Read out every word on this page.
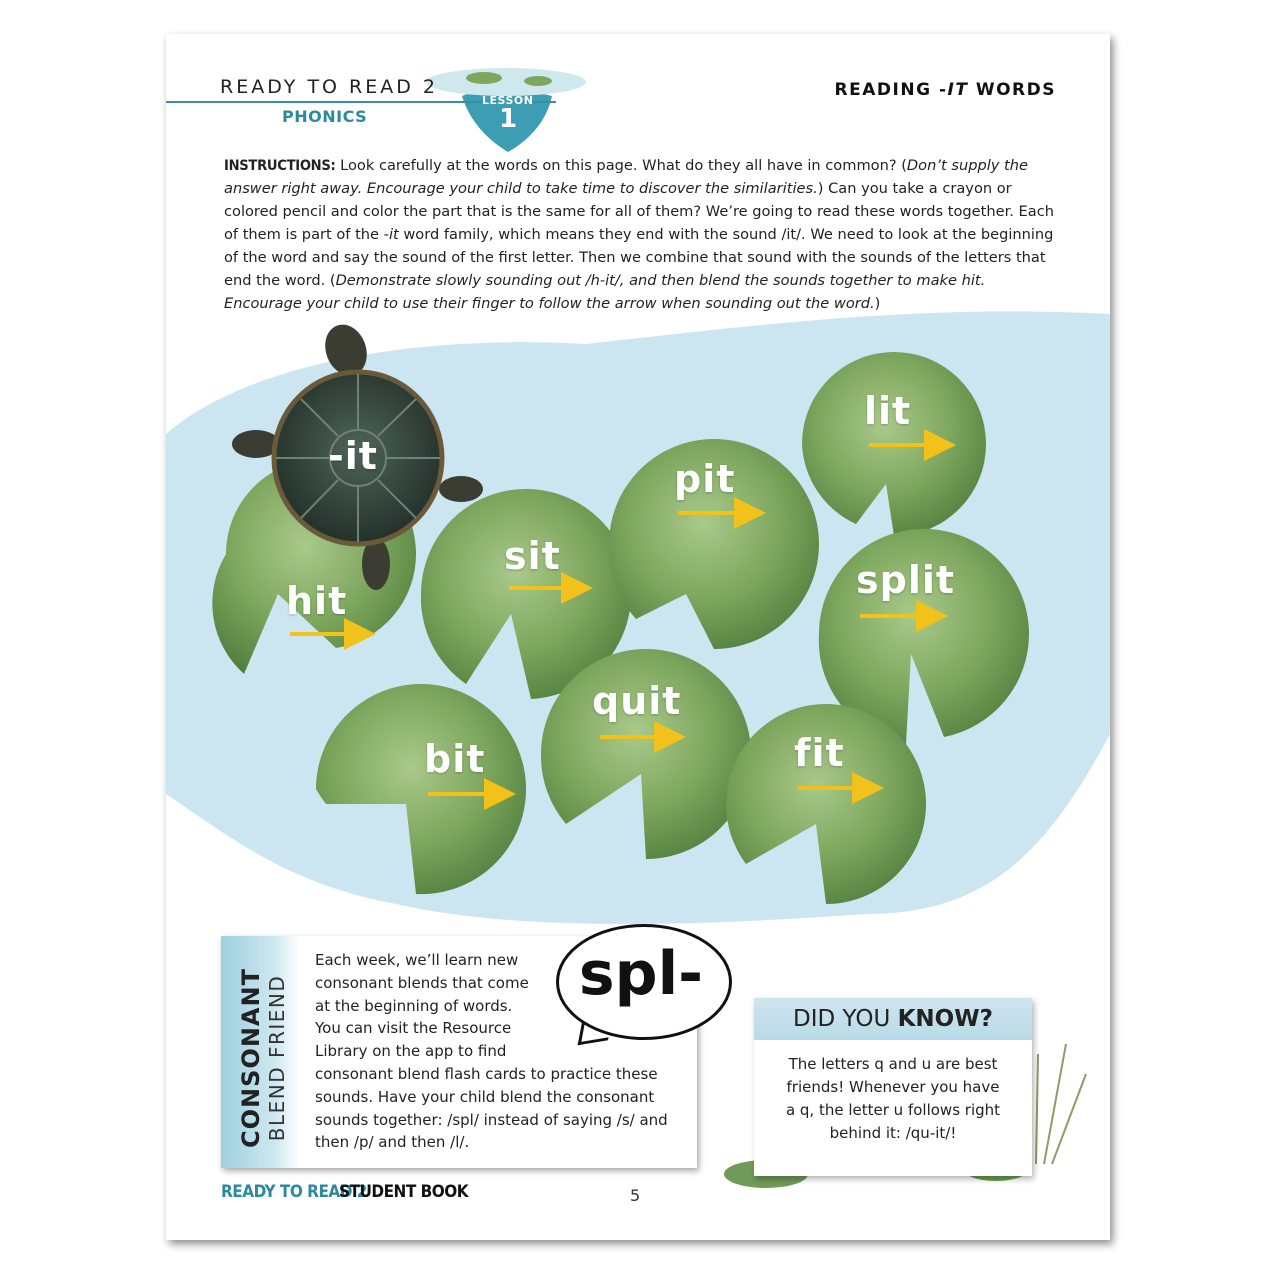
READY TO READ 2
PHONICS
LESSON
1
READING -IT WORDS
INSTRUCTIONS: Look carefully at the words on this page. What do they all have in common? (Don’t supply the answer right away. Encourage your child to take time to discover the similarities.) Can you take a crayon or colored pencil and color the part that is the same for all of them? We’re going to read these words together. Each of them is part of the -it word family, which means they end with the sound /it/. We need to look at the beginning of the word and say the sound of the first letter. Then we combine that sound with the sounds of the letters that end the word. (Demonstrate slowly sounding out /h-it/, and then blend the sounds together to make hit. Encourage your child to use their finger to follow the arrow when sounding out the word.)
-it
hit
sit
pit
lit
split
quit
bit	fit
CONSONANT BLEND FRIEND
Each week, we’ll learn new
consonant blends that come
at the beginning of words.
You can visit the Resource
Library on the app to find
consonant blend flash cards to practice these
sounds. Have your child blend the consonant
sounds together: /spl/ instead of saying /s/ and
then /p/ and then /l/.
spl-
DID YOU KNOW?
The letters q and u are best
friends! Whenever you have
a q, the letter u follows right
behind it: /qu-it/!
READY TO READ 2
STUDENT BOOK	5
